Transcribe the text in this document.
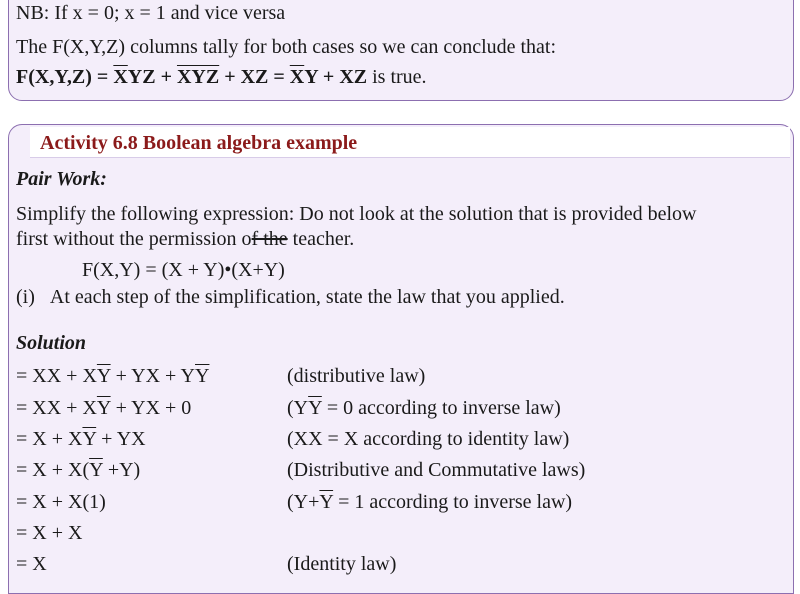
NB: If x = 0; x = 1 and vice versa
The F(X,Y,Z) columns tally for both cases so we can conclude that:
$F(X,Y,Z) = \overline{X}YZ + \overline{XYZ}$ + XZ = $\overline{X}Y$ + XZ is true.
Activity 6.8 Boolean algebra example
Pair Work:
Simplify the following expression: Do not look at the solution that is provided below
first without the permission of the teacher.
F(X,Y) = (X + Y)•(X+Y)
(i) At each step of the simplification, state the law that you applied.
Solution
= XX + $X\overline{Y}$ + YX + $Y\overline{Y}$	(distributive law)
= XX + $X\overline{Y}$ + YX + 0	($Y\overline{Y} = 0$ according to inverse law)
= $X + X\overline{Y}$ + YX	(XX = X according to identity law)
= $X + X(\overline{Y} +Y)$	(Distributive and Commutative laws)
= X + X(1)	($Y+\overline{Y} = 1$ according to inverse law)
= X + X
= X	(Identity law)
